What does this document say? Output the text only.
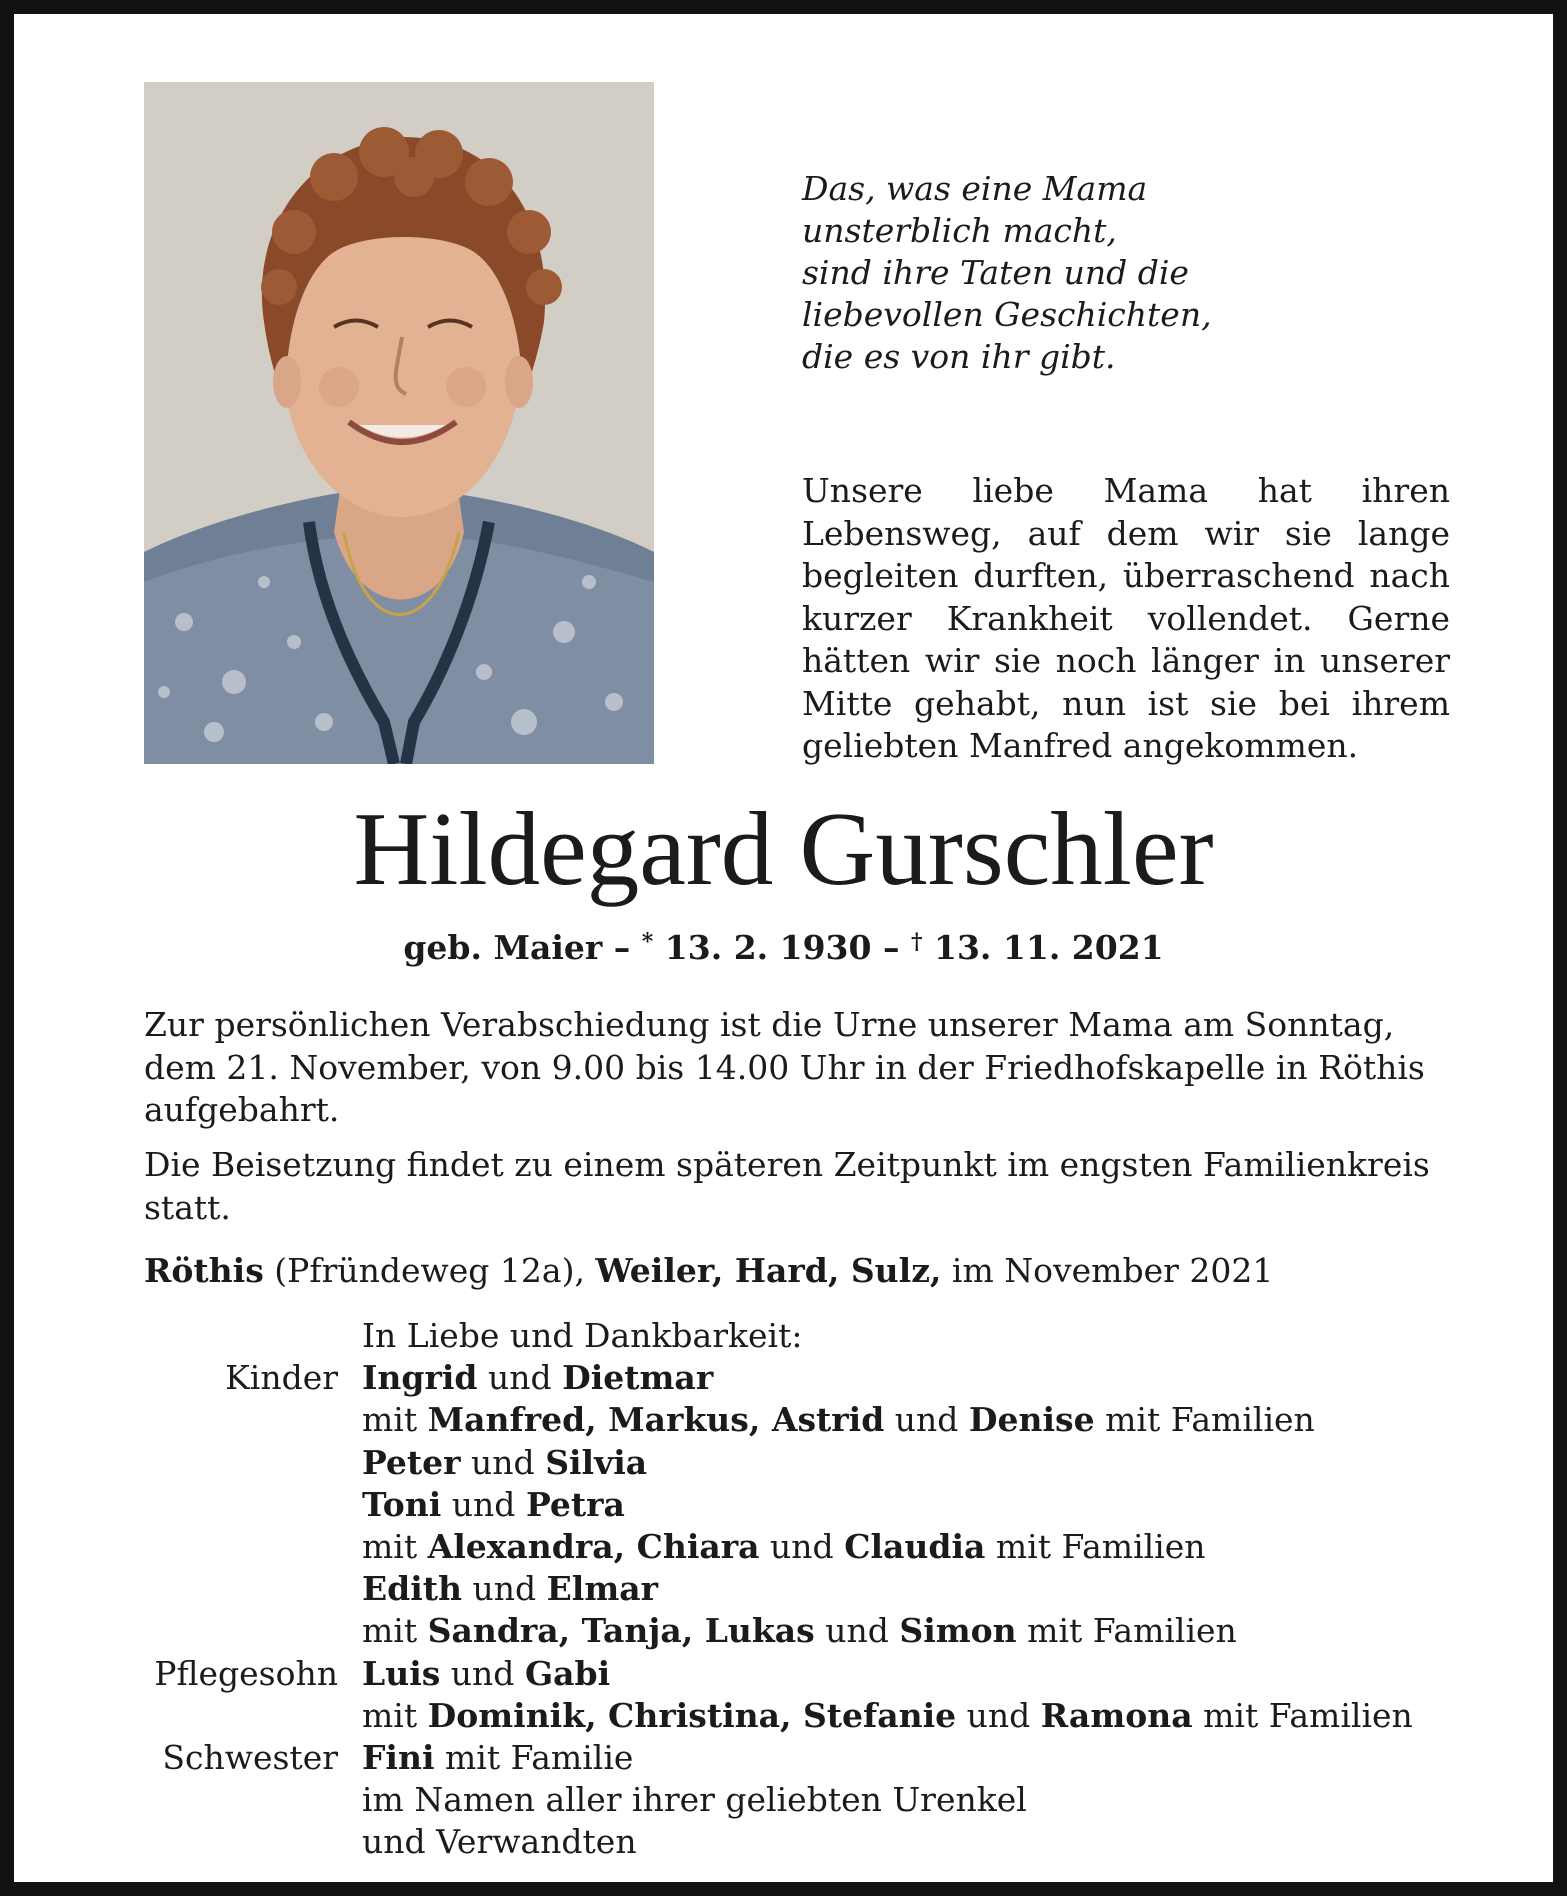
Das, was eine Mama
unsterblich macht,
sind ihre Taten und die
liebevollen Geschichten,
die es von ihr gibt.
Unsere liebe Mama hat ihren Lebensweg, auf dem wir sie lange begleiten durften, überraschend nach kurzer Krankheit vollendet. Gerne hätten wir sie noch länger in unserer Mitte gehabt, nun ist sie bei ihrem geliebten Manfred angekommen.
Hildegard Gurschler
geb. Maier – * 13. 2. 1930 – † 13. 11. 2021
Zur persönlichen Verabschiedung ist die Urne unserer Mama am Sonntag, dem 21. November, von 9.00 bis 14.00 Uhr in der Friedhofskapelle in Röthis aufgebahrt.
Die Beisetzung findet zu einem späteren Zeitpunkt im engsten Familienkreis statt.
Röthis (Pfründeweg 12a), Weiler, Hard, Sulz, im November 2021
In Liebe und Dankbarkeit:
Kinder Ingrid und Dietmar
mit Manfred, Markus, Astrid und Denise mit Familien
Peter und Silvia
Toni und Petra
mit Alexandra, Chiara und Claudia mit Familien
Edith und Elmar
mit Sandra, Tanja, Lukas und Simon mit Familien
Pflegesohn Luis und Gabi
mit Dominik, Christina, Stefanie und Ramona mit Familien
Schwester Fini mit Familie
im Namen aller ihrer geliebten Urenkel
und Verwandten
